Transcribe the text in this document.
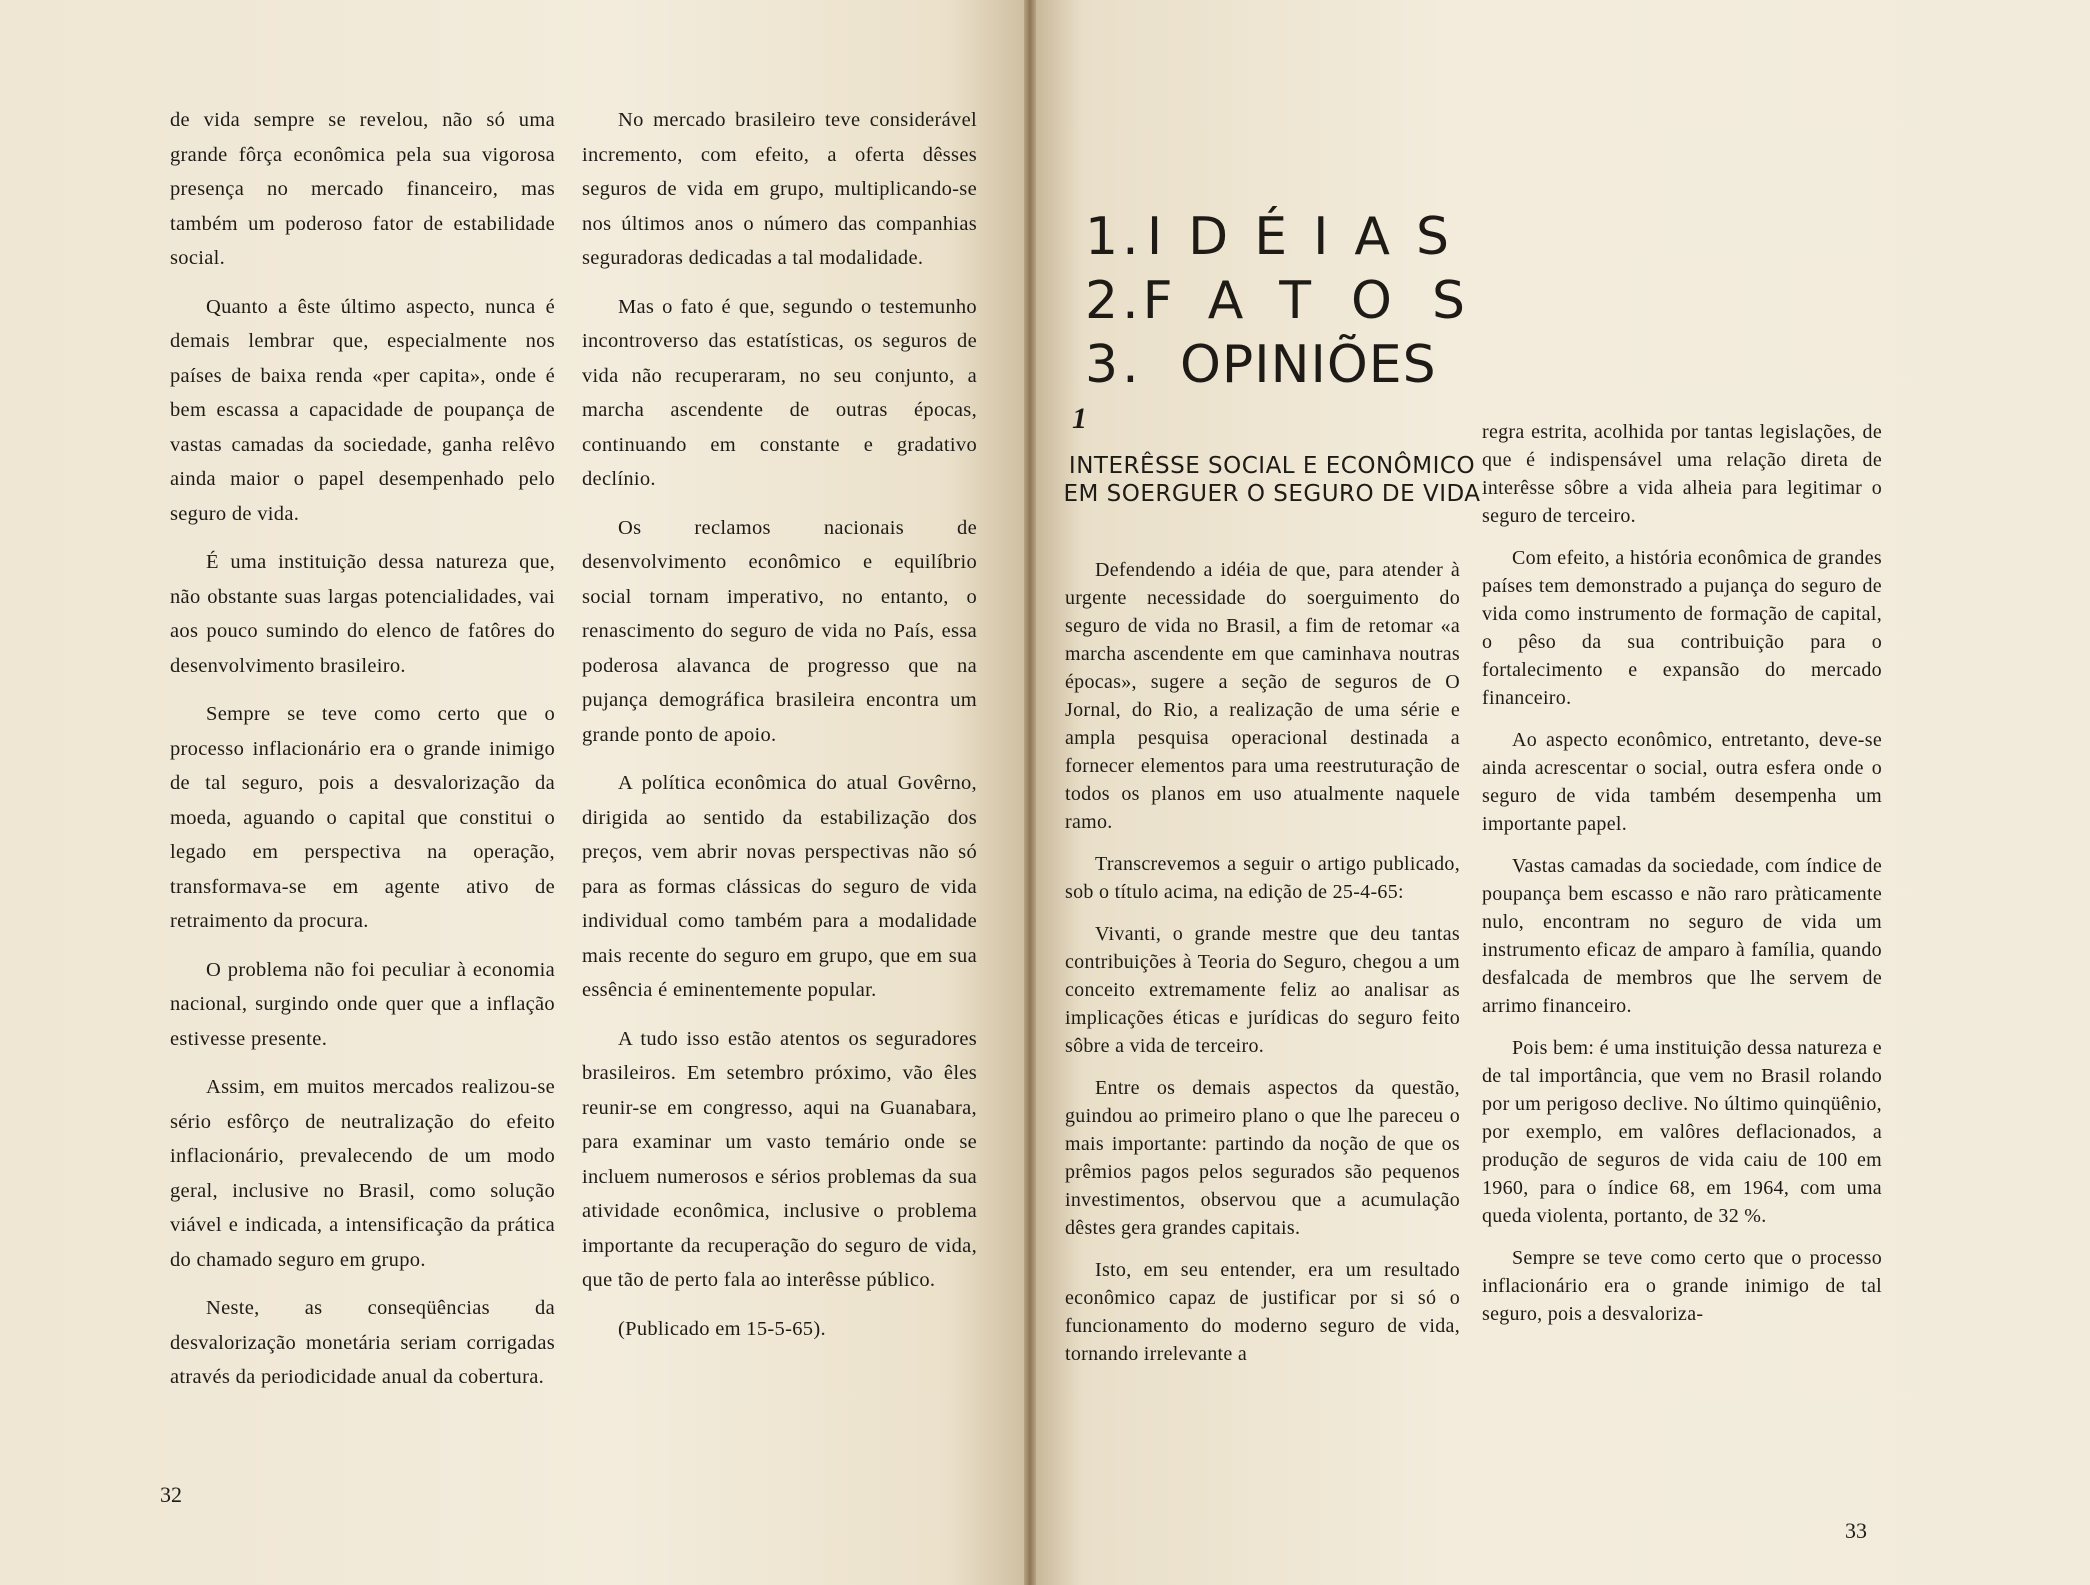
de vida sempre se revelou, não só uma grande fôrça econômica pela sua vigorosa presença no mercado financeiro, mas também um poderoso fator de estabilidade social.

Quanto a êste último aspecto, nunca é demais lembrar que, especialmente nos países de baixa renda «per capita», onde é bem escassa a capacidade de poupança de vastas camadas da sociedade, ganha relêvo ainda maior o papel desempenhado pelo seguro de vida.

É uma instituição dessa natureza que, não obstante suas largas potencialidades, vai aos pouco sumindo do elenco de fatôres do desenvolvimento brasileiro.

Sempre se teve como certo que o processo inflacionário era o grande inimigo de tal seguro, pois a desvalorização da moeda, aguando o capital que constitui o legado em perspectiva na operação, transformava-se em agente ativo de retraimento da procura.

O problema não foi peculiar à economia nacional, surgindo onde quer que a inflação estivesse presente.

Assim, em muitos mercados realizou-se sério esfôrço de neutralização do efeito inflacionário, prevalecendo de um modo geral, inclusive no Brasil, como solução viável e indicada, a intensificação da prática do chamado seguro em grupo.

Neste, as conseqüências da desvalorização monetária seriam corrigadas através da periodicidade anual da cobertura.

No mercado brasileiro teve considerável incremento, com efeito, a oferta dêsses seguros de vida em grupo, multiplicando-se nos últimos anos o número das companhias seguradoras dedicadas a tal modalidade.

Mas o fato é que, segundo o testemunho incontroverso das estatísticas, os seguros de vida não recuperaram, no seu conjunto, a marcha ascendente de outras épocas, continuando em constante e gradativo declínio.

Os reclamos nacionais de desenvolvimento econômico e equilíbrio social tornam imperativo, no entanto, o renascimento do seguro de vida no País, essa poderosa alavanca de progresso que na pujança demográfica brasileira encontra um grande ponto de apoio.

A política econômica do atual Govêrno, dirigida ao sentido da estabilização dos preços, vem abrir novas perspectivas não só para as formas clássicas do seguro de vida individual como também para a modalidade mais recente do seguro em grupo, que em sua essência é eminentemente popular.

A tudo isso estão atentos os seguradores brasileiros. Em setembro próximo, vão êles reunir-se em congresso, aqui na Guanabara, para examinar um vasto temário onde se incluem numerosos e sérios problemas da sua atividade econômica, inclusive o problema importante da recuperação do seguro de vida, que tão de perto fala ao interêsse público.

(Publicado em 15-5-65).

32
1. IDÉIAS
2. FATOS
3. OPINIÕES
1
INTERÊSSE SOCIAL E ECONÔMICO EM SOERGUER O SEGURO DE VIDA

Defendendo a idéia de que, para atender à urgente necessidade do soerguimento do seguro de vida no Brasil, a fim de retomar «a marcha ascendente em que caminhava noutras épocas», sugere a seção de seguros de O Jornal, do Rio, a realização de uma série e ampla pesquisa operacional destinada a fornecer elementos para uma reestruturação de todos os planos em uso atualmente naquele ramo.

Transcrevemos a seguir o artigo publicado, sob o título acima, na edição de 25-4-65:

Vivanti, o grande mestre que deu tantas contribuições à Teoria do Seguro, chegou a um conceito extremamente feliz ao analisar as implicações éticas e jurídicas do seguro feito sôbre a vida de terceiro.

Entre os demais aspectos da questão, guindou ao primeiro plano o que lhe pareceu o mais importante: partindo da noção de que os prêmios pagos pelos segurados são pequenos investimentos, observou que a acumulação dêstes gera grandes capitais.

Isto, em seu entender, era um resultado econômico capaz de justificar por si só o funcionamento do moderno seguro de vida, tornando irrelevante a

regra estrita, acolhida por tantas legislações, de que é indispensável uma relação direta de interêsse sôbre a vida alheia para legitimar o seguro de terceiro.

Com efeito, a história econômica de grandes países tem demonstrado a pujança do seguro de vida como instrumento de formação de capital, o pêso da sua contribuição para o fortalecimento e expansão do mercado financeiro.

Ao aspecto econômico, entretanto, deve-se ainda acrescentar o social, outra esfera onde o seguro de vida também desempenha um importante papel.

Vastas camadas da sociedade, com índice de poupança bem escasso e não raro pràticamente nulo, encontram no seguro de vida um instrumento eficaz de amparo à família, quando desfalcada de membros que lhe servem de arrimo financeiro.

Pois bem: é uma instituição dessa natureza e de tal importância, que vem no Brasil rolando por um perigoso declive. No último quinqüênio, por exemplo, em valôres deflacionados, a produção de seguros de vida caiu de 100 em 1960, para o índice 68, em 1964, com uma queda violenta, portanto, de 32 %.

Sempre se teve como certo que o processo inflacionário era o grande inimigo de tal seguro, pois a desvaloriza-

33
